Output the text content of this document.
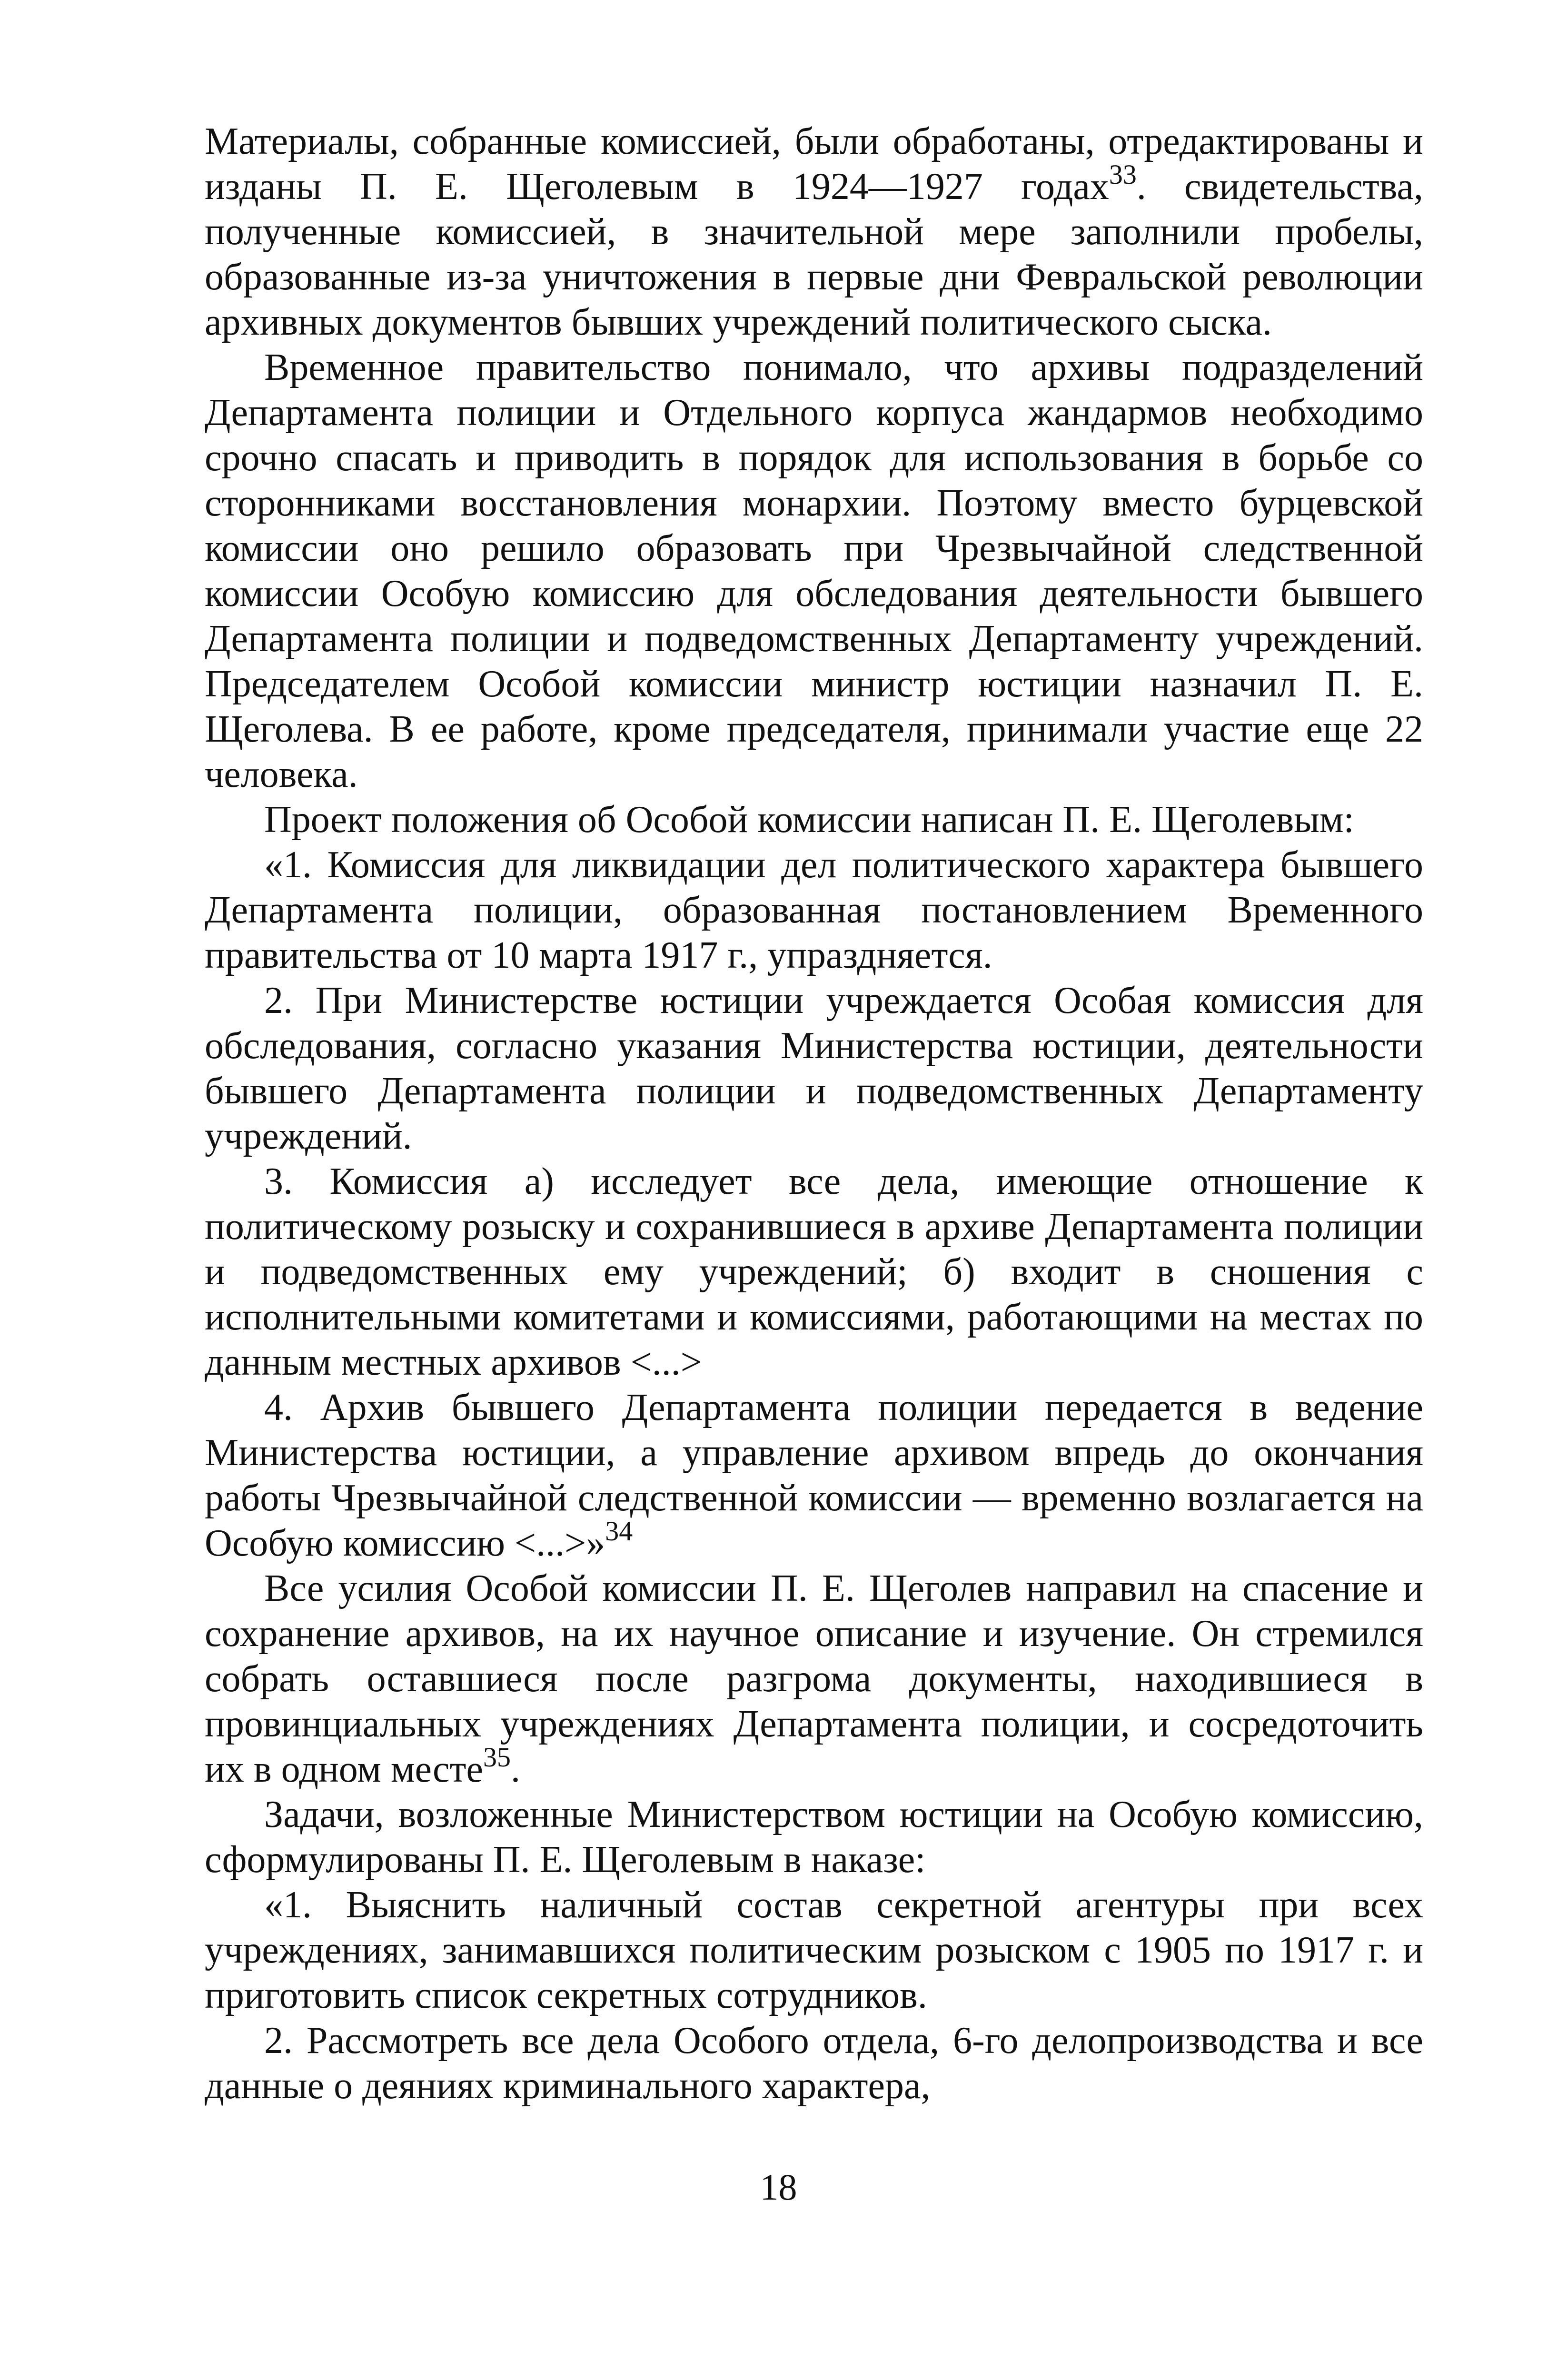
Материалы, собранные комиссией, были обработаны, отредактированы и изданы П. Е. Щеголевым в 1924—1927 годах$^{33}$. свидетельства, полученные комиссией, в значительной мере заполнили пробелы, образованные из-за уничтожения в первые дни Февральской революции архивных документов бывших учреждений политического сыска.

Временное правительство понимало, что архивы подразделений Департамента полиции и Отдельного корпуса жандармов необходимо срочно спасать и приводить в порядок для использования в борьбе со сторонниками восстановления монархии. Поэтому вместо бурцевской комиссии оно решило образовать при Чрезвычайной следственной комиссии Особую комиссию для обследования деятельности бывшего Департамента полиции и подведомственных Департаменту учреждений. Председателем Особой комиссии министр юстиции назначил П. Е. Щеголева. В ее работе, кроме председателя, принимали участие еще 22 человека.

Проект положения об Особой комиссии написан П. Е. Щеголевым:

«1. Комиссия для ликвидации дел политического характера бывшего Департамента полиции, образованная постановлением Временного правительства от 10 марта 1917 г., упраздняется.

2. При Министерстве юстиции учреждается Особая комиссия для обследования, согласно указания Министерства юстиции, деятельности бывшего Департамента полиции и подведомственных Департаменту учреждений.

3. Комиссия а) исследует все дела, имеющие отношение к политическому розыску и сохранившиеся в архиве Департамента полиции и подведомственных ему учреждений; б) входит в сношения с исполнительными комитетами и комиссиями, работающими на местах по данным местных архивов <...>

4. Архив бывшего Департамента полиции передается в ведение Министерства юстиции, а управление архивом впредь до окончания работы Чрезвычайной следственной комиссии — временно возлагается на Особую комиссию <...>»$^{34}$

Все усилия Особой комиссии П. Е. Щеголев направил на спасение и сохранение архивов, на их научное описание и изучение. Он стремился собрать оставшиеся после разгрома документы, находившиеся в провинциальных учреждениях Департамента полиции, и сосредоточить их в одном месте$^{35}$.

Задачи, возложенные Министерством юстиции на Особую комиссию, сформулированы П. Е. Щеголевым в наказе:

«1. Выяснить наличный состав секретной агентуры при всех учреждениях, занимавшихся политическим розыском с 1905 по 1917 г. и приготовить список секретных сотрудников.

2. Рассмотреть все дела Особого отдела, 6-го делопроизводства и все данные о деяниях криминального характера,

18
